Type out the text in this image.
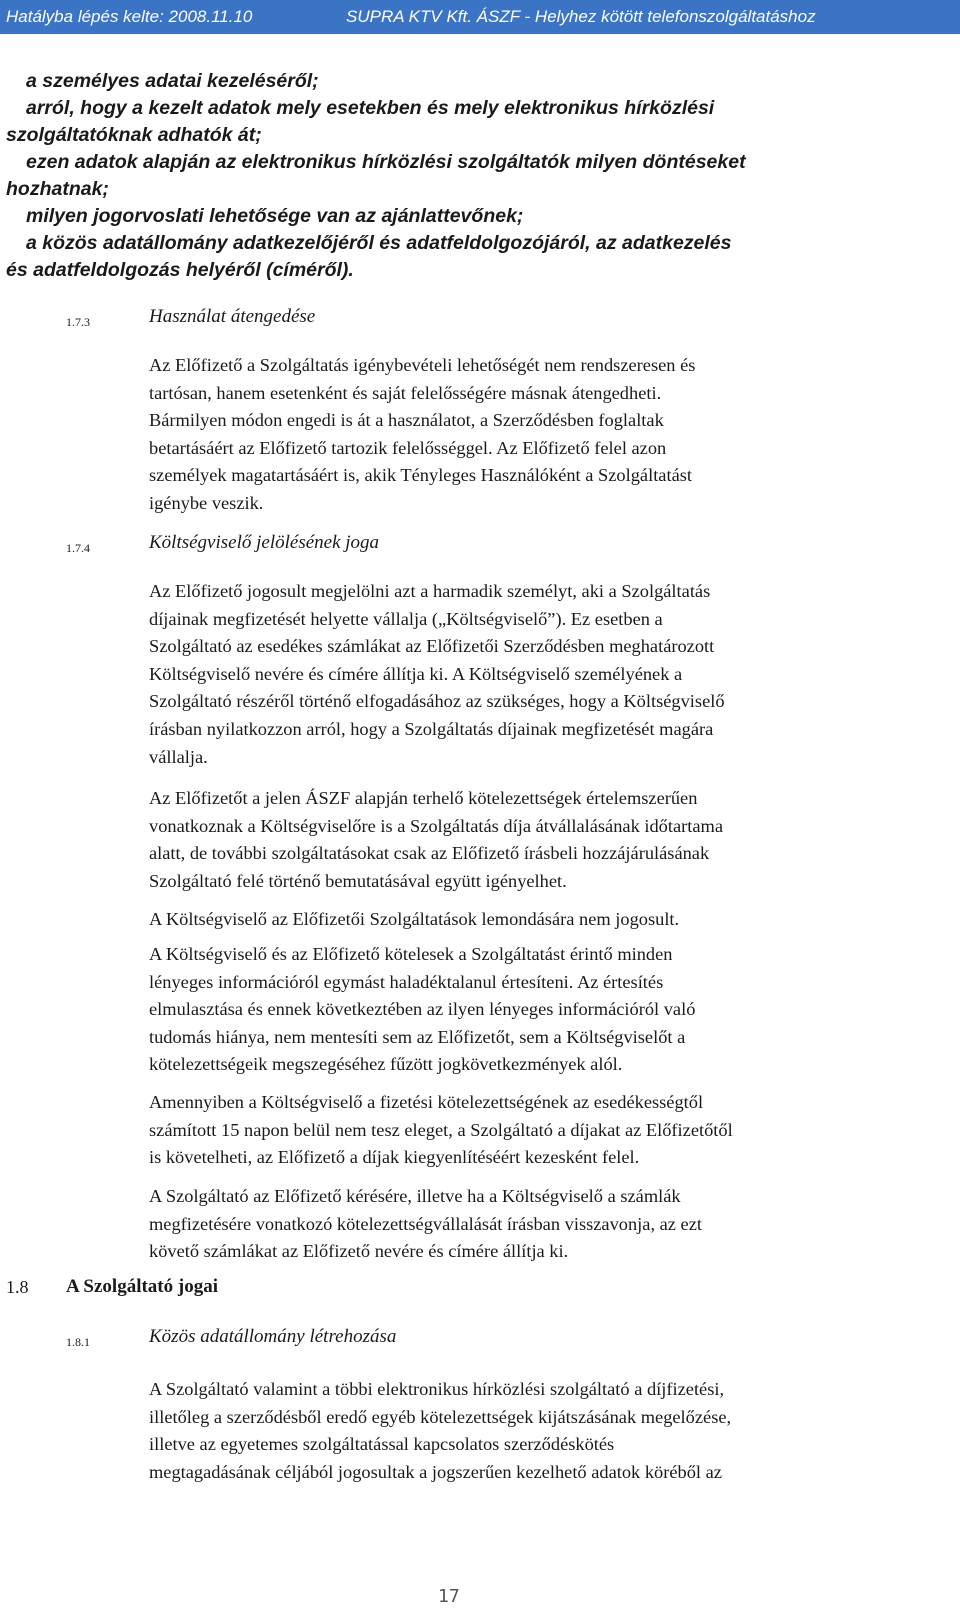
Hatályba lépés kelte: 2008.11.10	SUPRA KTV Kft. ÁSZF - Helyhez kötött telefonszolgáltatáshoz
a személyes adatai kezeléséről;
arról, hogy a kezelt adatok mely esetekben és mely elektronikus hírközlési
szolgáltatóknak adhatók át;
ezen adatok alapján az elektronikus hírközlési szolgáltatók milyen döntéseket
hozhatnak;
milyen jogorvoslati lehetősége van az ajánlattevőnek;
a közös adatállomány adatkezelőjéről és adatfeldolgozójáról, az adatkezelés
és adatfeldolgozás helyéről (címéről).
1.7.3	Használat átengedése
Az Előfizető a Szolgáltatás igénybevételi lehetőségét nem rendszeresen és
tartósan, hanem esetenként és saját felelősségére másnak átengedheti.
Bármilyen módon engedi is át a használatot, a Szerződésben foglaltak
betartásáért az Előfizető tartozik felelősséggel. Az Előfizető felel azon
személyek magatartásáért is, akik Tényleges Használóként a Szolgáltatást
igénybe veszik.
1.7.4	Költségviselő jelölésének joga
Az Előfizető jogosult megjelölni azt a harmadik személyt, aki a Szolgáltatás
díjainak megfizetését helyette vállalja („Költségviselő”). Ez esetben a
Szolgáltató az esedékes számlákat az Előfizetői Szerződésben meghatározott
Költségviselő nevére és címére állítja ki. A Költségviselő személyének a
Szolgáltató részéről történő elfogadásához az szükséges, hogy a Költségviselő
írásban nyilatkozzon arról, hogy a Szolgáltatás díjainak megfizetését magára
vállalja.
Az Előfizetőt a jelen ÁSZF alapján terhelő kötelezettségek értelemszerűen
vonatkoznak a Költségviselőre is a Szolgáltatás díja átvállalásának időtartama
alatt, de további szolgáltatásokat csak az Előfizető írásbeli hozzájárulásának
Szolgáltató felé történő bemutatásával együtt igényelhet.
A Költségviselő az Előfizetői Szolgáltatások lemondására nem jogosult.
A Költségviselő és az Előfizető kötelesek a Szolgáltatást érintő minden
lényeges információról egymást haladéktalanul értesíteni. Az értesítés
elmulasztása és ennek következtében az ilyen lényeges információról való
tudomás hiánya, nem mentesíti sem az Előfizetőt, sem a Költségviselőt a
kötelezettségeik megszegéséhez fűzött jogkövetkezmények alól.
Amennyiben a Költségviselő a fizetési kötelezettségének az esedékességtől
számított 15 napon belül nem tesz eleget, a Szolgáltató a díjakat az Előfizetőtől
is követelheti, az Előfizető a díjak kiegyenlítéséért kezesként felel.
A Szolgáltató az Előfizető kérésére, illetve ha a Költségviselő a számlák
megfizetésére vonatkozó kötelezettségvállalását írásban visszavonja, az ezt
követő számlákat az Előfizető nevére és címére állítja ki.
1.8 A Szolgáltató jogai
1.8.1	Közös adatállomány létrehozása
A Szolgáltató valamint a többi elektronikus hírközlési szolgáltató a díjfizetési,
illetőleg a szerződésből eredő egyéb kötelezettségek kijátszásának megelőzése,
illetve az egyetemes szolgáltatással kapcsolatos szerződéskötés
megtagadásának céljából jogosultak a jogszerűen kezelhető adatok köréből az
17
